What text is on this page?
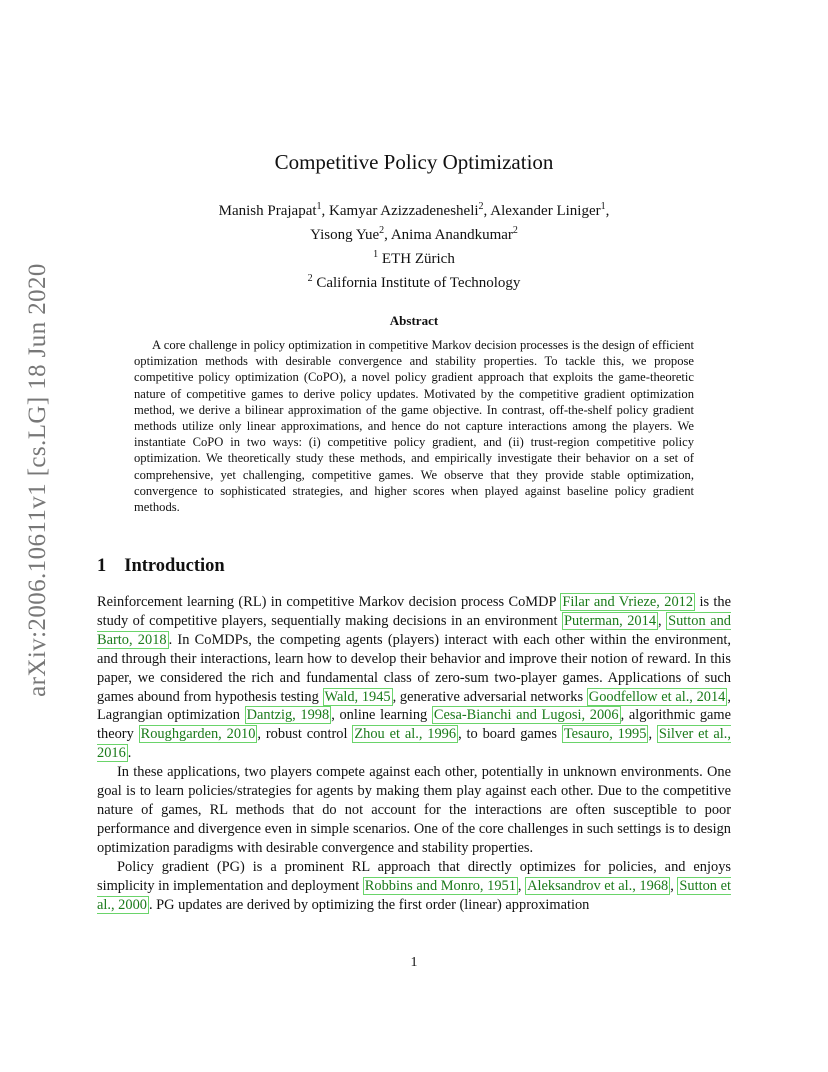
arXiv:2006.10611v1 [cs.LG] 18 Jun 2020
Competitive Policy Optimization
Manish Prajapat$^1$, Kamyar Azizzadenesheli$^2$, Alexander Liniger$^1$,
Yisong Yue$^2$, Anima Anandkumar$^2$
$^1$ ETH Zürich
$^2$ California Institute of Technology
Abstract
A core challenge in policy optimization in competitive Markov decision processes is the design of efficient optimization methods with desirable convergence and stability properties. To tackle this, we propose competitive policy optimization (CoPO), a novel policy gradient approach that exploits the game-theoretic nature of competitive games to derive policy updates. Motivated by the competitive gradient optimization method, we derive a bilinear approximation of the game objective. In contrast, off-the-shelf policy gradient methods utilize only linear approximations, and hence do not capture interactions among the players. We instantiate CoPO in two ways: (i) competitive policy gradient, and (ii) trust-region competitive policy optimization. We theoretically study these methods, and empirically investigate their behavior on a set of comprehensive, yet challenging, competitive games. We observe that they provide stable optimization, convergence to sophisticated strategies, and higher scores when played against baseline policy gradient methods.
1 Introduction

Reinforcement learning (RL) in competitive Markov decision process CoMDP Filar and Vrieze, 2012 is the study of competitive players, sequentially making decisions in an environment Puterman, 2014 , Sutton and Barto, 2018 . In CoMDPs, the competing agents (players) interact with each other within the environment, and through their interactions, learn how to develop their behavior and improve their notion of reward. In this paper, we considered the rich and fundamental class of zero-sum two-player games. Applications of such games abound from hypothesis testing Wald, 1945 , generative adversarial networks Goodfellow et al., 2014 , Lagrangian optimization Dantzig, 1998 , online learning Cesa-Bianchi and Lugosi, 2006 , algorithmic game theory Roughgarden, 2010 , robust control Zhou et al., 1996 , to board games Tesauro, 1995 , Silver et al., 2016 .

In these applications, two players compete against each other, potentially in unknown environments. One goal is to learn policies/strategies for agents by making them play against each other. Due to the competitive nature of games, RL methods that do not account for the interactions are often susceptible to poor performance and divergence even in simple scenarios. One of the core challenges in such settings is to design optimization paradigms with desirable convergence and stability properties.

Policy gradient (PG) is a prominent RL approach that directly optimizes for policies, and enjoys simplicity in implementation and deployment Robbins and Monro, 1951 , Aleksandrov et al., 1968 , Sutton et al., 2000 . PG updates are derived by optimizing the first order (linear) approximation

1
